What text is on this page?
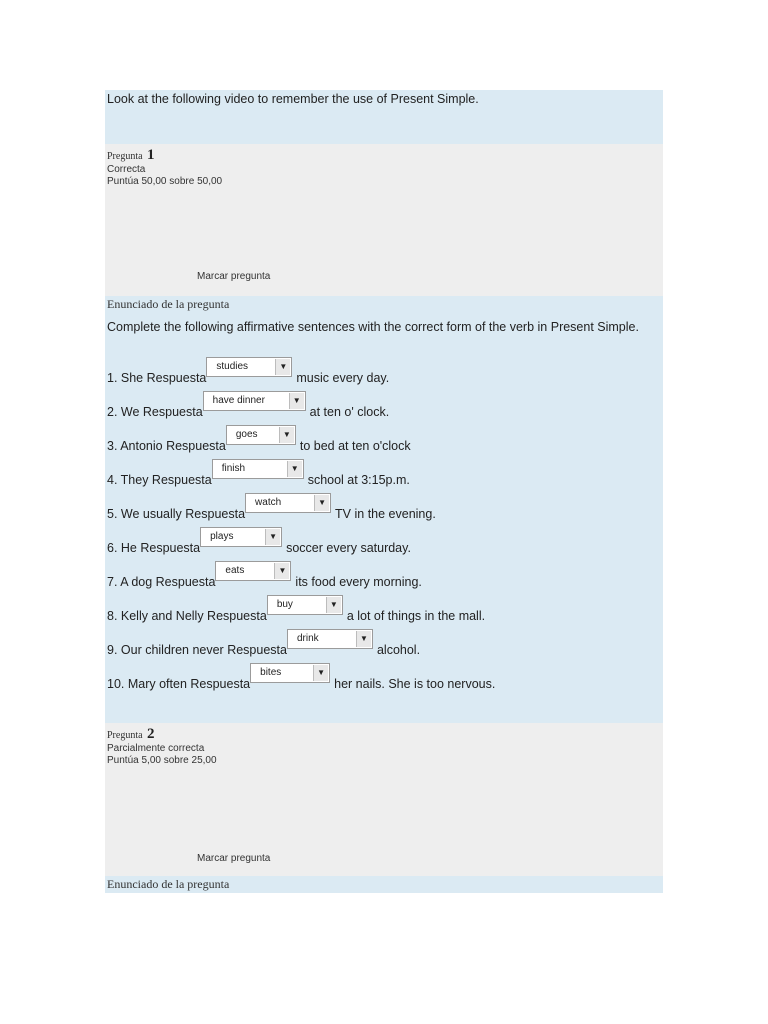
Look at the following video to remember the use of Present Simple.
Pregunta 1
Correcta
Puntúa 50,00 sobre 50,00
Marcar pregunta
Enunciado de la pregunta

Complete the following affirmative sentences with the correct form of the verb in Present Simple.

1. She Respuesta
studies	▼
music every day.
2. We Respuesta
have dinner	▼
at ten o' clock.
3. Antonio Respuesta
goes	▼
to bed at ten o'clock
4. They Respuesta
finish	▼
school at 3:15p.m.
5. We usually Respuesta
watch	▼
TV in the evening.
6. He Respuesta
plays	▼
soccer every saturday.
7. A dog Respuesta
eats	▼
its food every morning.
8. Kelly and Nelly Respuesta
buy	▼
a lot of things in the mall.
9. Our children never Respuesta
drink	▼
alcohol.
10. Mary often Respuesta
bites	▼
her nails. She is too nervous.
Pregunta 2
Parcialmente correcta
Puntúa 5,00 sobre 25,00
Marcar pregunta
Enunciado de la pregunta
